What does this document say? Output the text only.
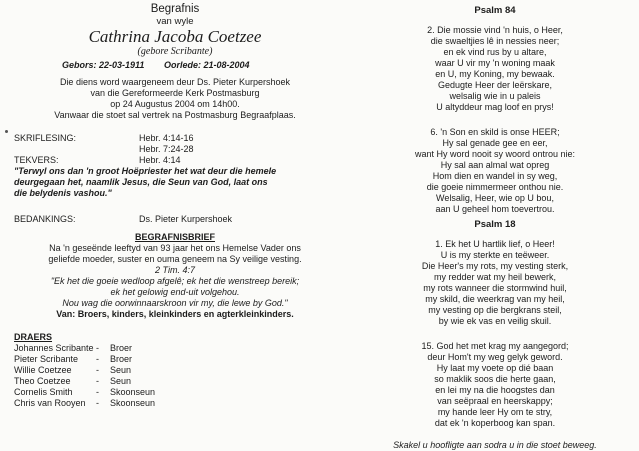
Begrafnis
van wyle
Cathrina Jacoba Coetzee
(gebore Scribante)
Gebors: 22-03-1911 Oorlede: 21-08-2004
Die diens word waargeneem deur Ds. Pieter Kurpershoek
van die Gereformeerde Kerk Postmasburg
op 24 Augustus 2004 om 14h00.
Vanwaar die stoet sal vertrek na Postmasburg Begraafplaas.
SKRIFLESING:	Hebr. 4:14-16
Hebr. 7:24-28
TEKVERS:	Hebr. 4:14
"Terwyl ons dan 'n groot Hoëpriester het wat deur die hemele
deurgegaan het, naamlik Jesus, die Seun van God, laat ons
die belydenis vashou."
BEDANKINGS:	Ds. Pieter Kurpershoek
BEGRAFNISBRIEF
Na 'n geseënde leeftyd van 93 jaar het ons Hemelse Vader ons
geliefde moeder, suster en ouma geneem na Sy veilige vesting.
2 Tim. 4:7
"Ek het die goeie wedloop afgelê; ek het die wenstreep bereik;
ek het gelowig end-uit volgehou.
Nou wag die oorwinnaarskroon vir my, die lewe by God."
Van: Broers, kinders, kleinkinders en agterkleinkinders.
DRAERS
Johannes Scribante - Broer
Pieter Scribante - Broer
Willie Coetzee	- Seun
Theo Coetzee	- Seun
Cornelis Smith	- Skoonseun
Chris van Rooyen - Skoonseun
Psalm 84
2. Die mossie vind 'n huis, o Heer,
die swaeltjies lê in nessies neer;
en ek vind rus by u altare,
waar U vir my 'n woning maak
en U, my Koning, my bewaak.
Gedugte Heer der leërskare,
welsalig wie in u paleis
U altyddeur mag loof en prys!
6. 'n Son en skild is onse HEER;
Hy sal genade gee en eer,
want Hy word nooit sy woord ontrou nie:
Hy sal aan almal wat opreg
Hom dien en wandel in sy weg,
die goeie nimmermeer onthou nie.
Welsalig, Heer, wie op U bou,
aan U geheel hom toevertrou.
Psalm 18
1. Ek het U hartlik lief, o Heer!
U is my sterkte en teëweer.
Die Heer's my rots, my vesting sterk,
my redder wat my heil bewerk,
my rots wanneer die stormwind huil,
my skild, die weerkrag van my heil,
my vesting op die bergkrans steil,
by wie ek vas en veilig skuil.
15. God het met krag my aangegord;
deur Hom't my weg gelyk geword.
Hy laat my voete op dié baan
so maklik soos die herte gaan,
en lei my na die hoogstes dan
van seëpraal en heerskappy;
my hande leer Hy om te stry,
dat ek 'n koperboog kan span.
Skakel u hoofligte aan sodra u in die stoet beweeg.
